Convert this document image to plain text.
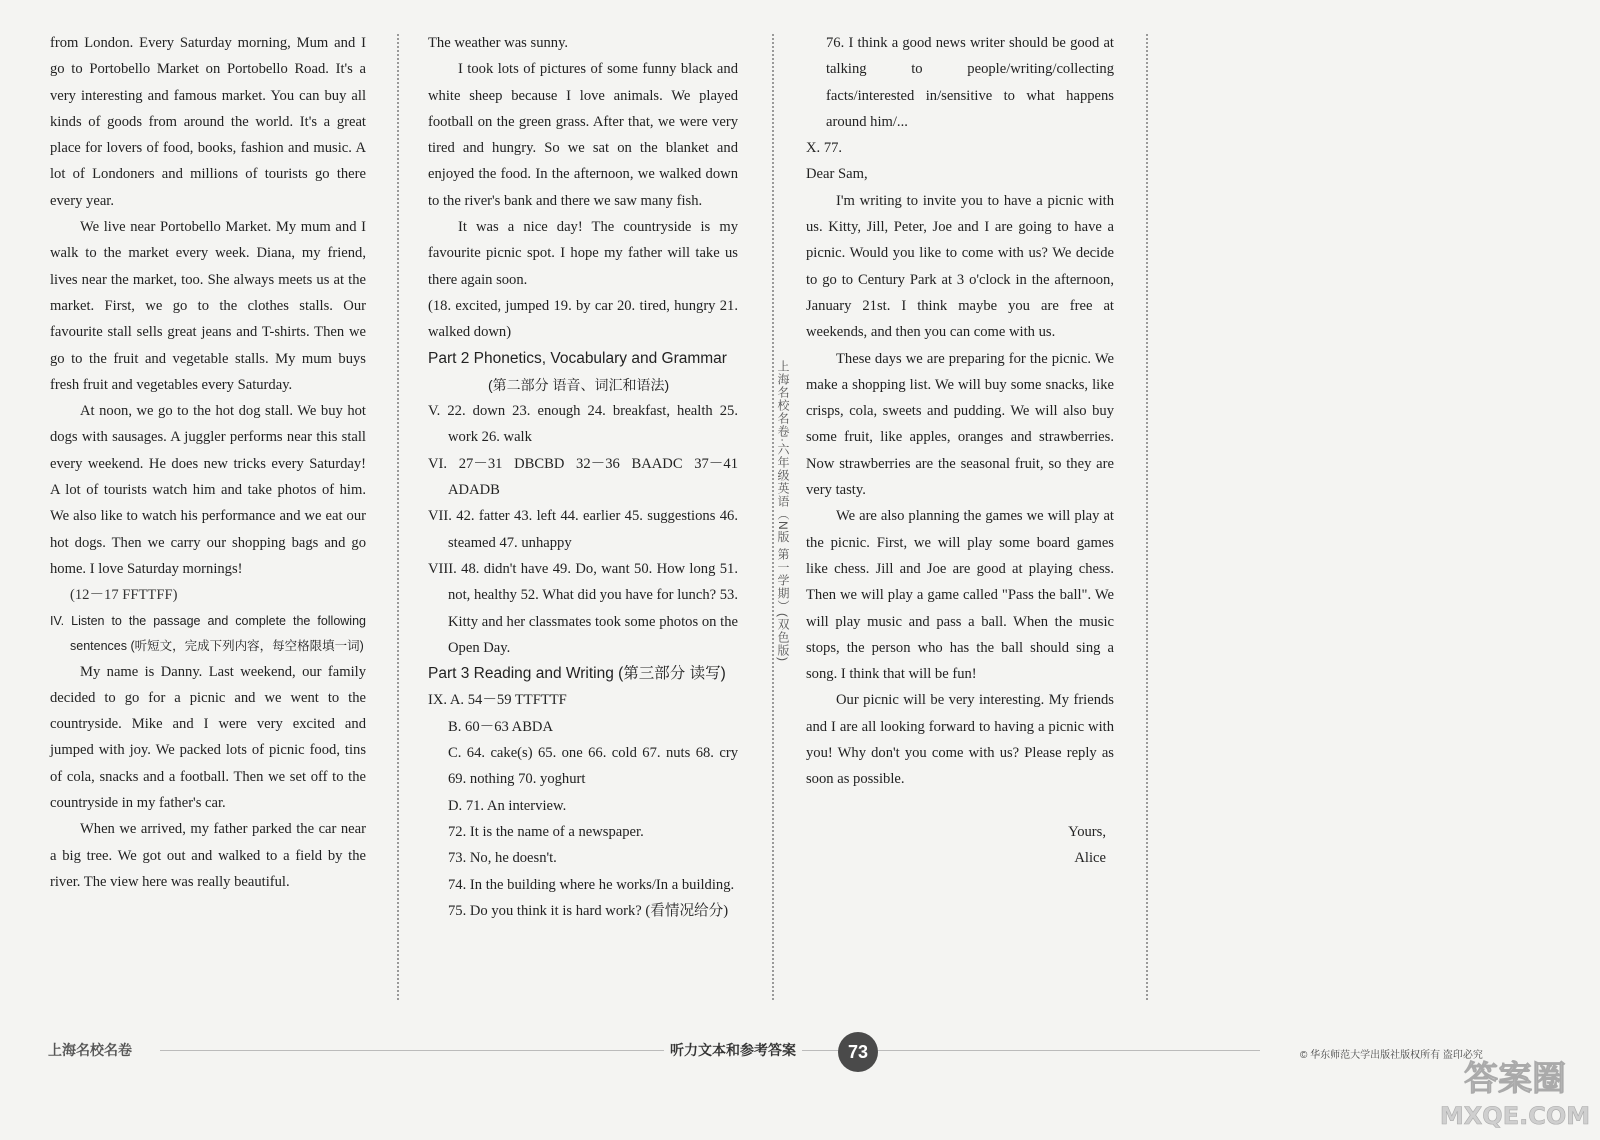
from London. Every Saturday morning, Mum and I go to Portobello Market on Portobello Road. It's a very interesting and famous market. You can buy all kinds of goods from around the world. It's a great place for lovers of food, books, fashion and music. A lot of Londoners and millions of tourists go there every year.

We live near Portobello Market. My mum and I walk to the market every week. Diana, my friend, lives near the market, too. She always meets us at the market. First, we go to the clothes stalls. Our favourite stall sells great jeans and T-shirts. Then we go to the fruit and vegetable stalls. My mum buys fresh fruit and vegetables every Saturday.

At noon, we go to the hot dog stall. We buy hot dogs with sausages. A juggler performs near this stall every weekend. He does new tricks every Saturday! A lot of tourists watch him and take photos of him. We also like to watch his performance and we eat our hot dogs. Then we carry our shopping bags and go home. I love Saturday mornings!

(12－17 FFTTFF)

IV. Listen to the passage and complete the following sentences (听短文，完成下列内容，每空格限填一词)

My name is Danny. Last weekend, our family decided to go for a picnic and we went to the countryside. Mike and I were very excited and jumped with joy. We packed lots of picnic food, tins of cola, snacks and a football. Then we set off to the countryside in my father's car.

When we arrived, my father parked the car near a big tree. We got out and walked to a field by the river. The view here was really beautiful.

The weather was sunny.

I took lots of pictures of some funny black and white sheep because I love animals. We played football on the green grass. After that, we were very tired and hungry. So we sat on the blanket and enjoyed the food. In the afternoon, we walked down to the river's bank and there we saw many fish.

It was a nice day! The countryside is my favourite picnic spot. I hope my father will take us there again soon.

(18. excited, jumped 19. by car 20. tired, hungry 21. walked down)

Part 2 Phonetics, Vocabulary and Grammar

(第二部分 语音、词汇和语法)

V. 22. down 23. enough 24. breakfast, health 25. work 26. walk

VI. 27－31 DBCBD 32－36 BAADC 37－41 ADADB

VII. 42. fatter 43. left 44. earlier 45. suggestions 46. steamed 47. unhappy

VIII. 48. didn't have 49. Do, want 50. How long 51. not, healthy 52. What did you have for lunch? 53. Kitty and her classmates took some photos on the Open Day.

Part 3 Reading and Writing (第三部分 读写)

IX. A. 54－59 TTFTTF

B. 60－63 ABDA

C. 64. cake(s) 65. one 66. cold 67. nuts 68. cry 69. nothing 70. yoghurt

D. 71. An interview.

72. It is the name of a newspaper.

73. No, he doesn't.

74. In the building where he works/In a building.

75. Do you think it is hard work? (看情况给分)

上海名校名卷·六年级英语（N版 第一学期）(双色版)

76. I think a good news writer should be good at talking to people/writing/collecting facts/interested in/sensitive to what happens around him/...

X. 77.

Dear Sam,

I'm writing to invite you to have a picnic with us. Kitty, Jill, Peter, Joe and I are going to have a picnic. Would you like to come with us? We decide to go to Century Park at 3 o'clock in the afternoon, January 21st. I think maybe you are free at weekends, and then you can come with us.

These days we are preparing for the picnic. We make a shopping list. We will buy some snacks, like crisps, cola, sweets and pudding. We will also buy some fruit, like apples, oranges and strawberries. Now strawberries are the seasonal fruit, so they are very tasty.

We are also planning the games we will play at the picnic. First, we will play some board games like chess. Jill and Joe are good at playing chess. Then we will play a game called "Pass the ball". We will play music and pass a ball. When the music stops, the person who has the ball should sing a song. I think that will be fun!

Our picnic will be very interesting. My friends and I are all looking forward to having a picnic with you! Why don't you come with us? Please reply as soon as possible.

Yours,

Alice

上海名校名卷	听力文本和参考答案	73	© 华东师范大学出版社版权所有 盗印必究
答案圈
MXQE.COM
